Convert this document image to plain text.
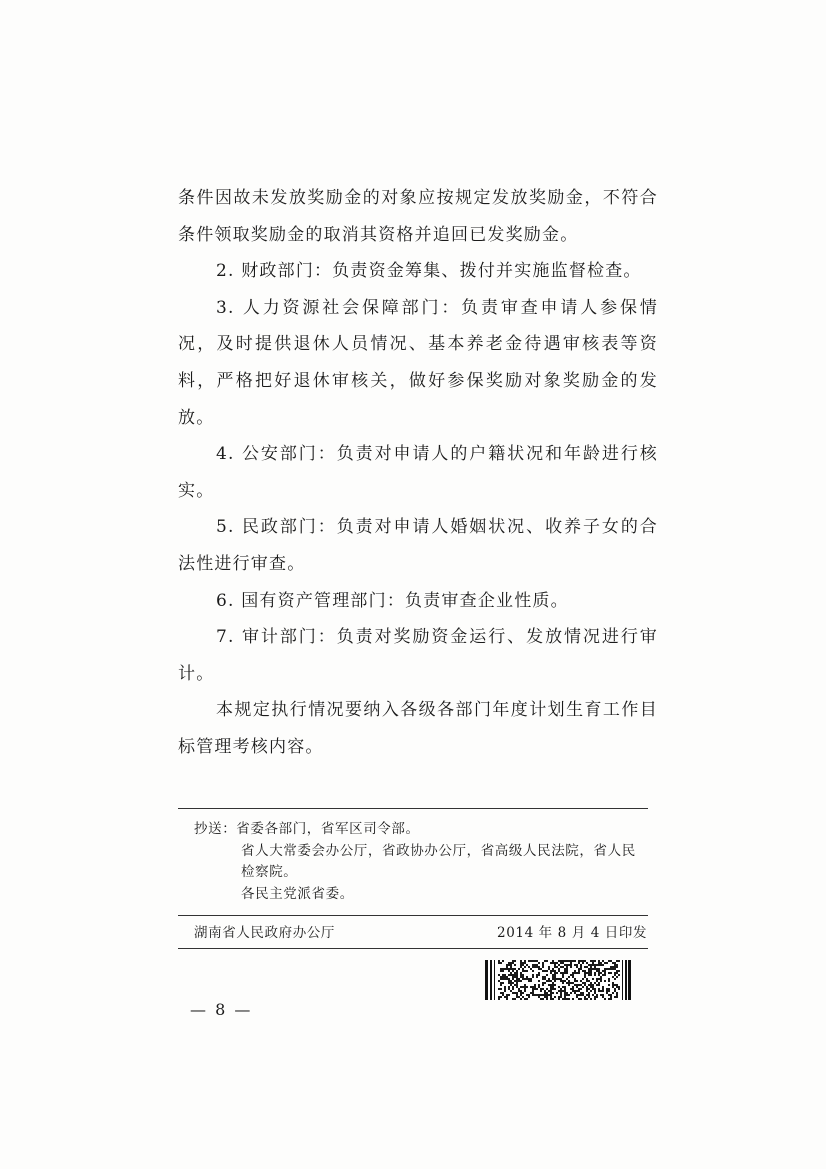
条件因故未发放奖励金的对象应按规定发放奖励金，不符合条件领取奖励金的取消其资格并追回已发奖励金。

2. 财政部门：负责资金筹集、拨付并实施监督检查。

3. 人力资源社会保障部门：负责审查申请人参保情况，及时提供退休人员情况、基本养老金待遇审核表等资料，严格把好退休审核关，做好参保奖励对象奖励金的发放。

4. 公安部门：负责对申请人的户籍状况和年龄进行核实。

5. 民政部门：负责对申请人婚姻状况、收养子女的合法性进行审查。

6. 国有资产管理部门：负责审查企业性质。

7. 审计部门：负责对奖励资金运行、发放情况进行审计。

本规定执行情况要纳入各级各部门年度计划生育工作目标管理考核内容。

抄送：省委各部门，省军区司令部。

省人大常委会办公厅，省政协办公厅，省高级人民法院，省人民检察院。

各民主党派省委。

湖南省人民政府办公厅	2014 年 8 月 4 日印发
— 8 —
